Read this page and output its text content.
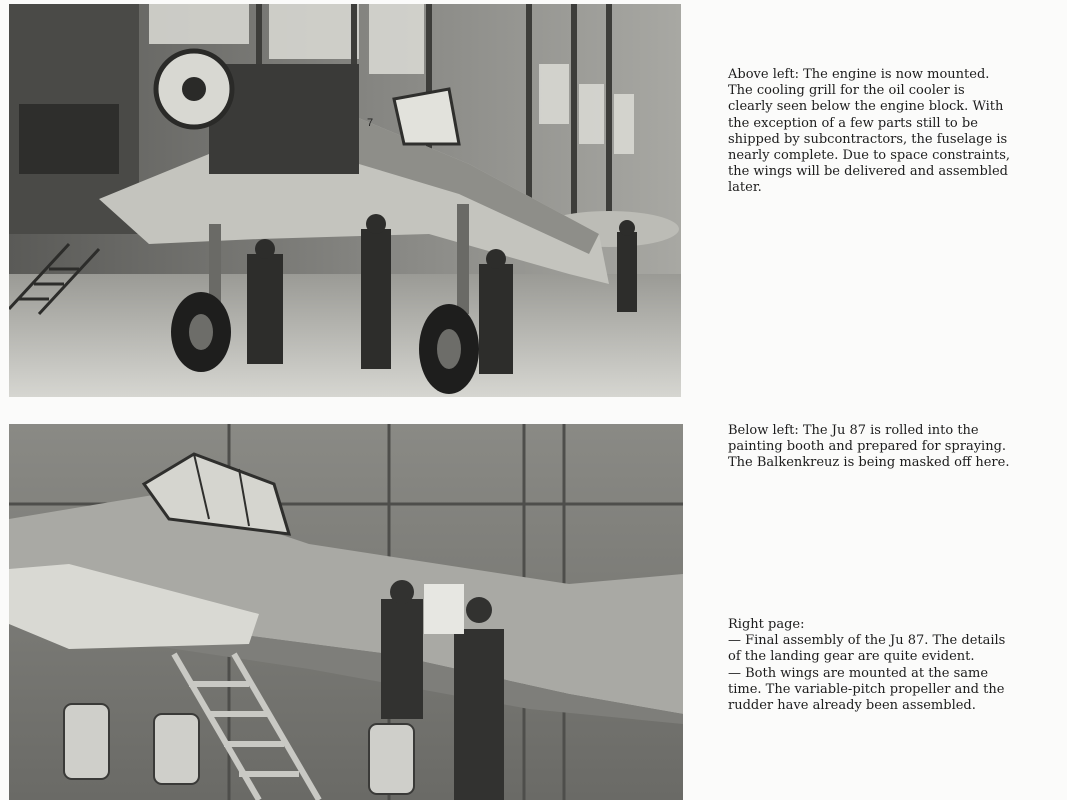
7

Above left: The engine is now mounted. The cooling grill for the oil cooler is clearly seen below the engine block. With the exception of a few parts still to be shipped by subcontractors, the fuselage is nearly complete. Due to space constraints, the wings will be delivered and assembled later.

Below left: The Ju 87 is rolled into the painting booth and prepared for spraying. The Balkenkreuz is being masked off here.

Right page:

— Final assembly of the Ju 87. The details of the landing gear are quite evident.

— Both wings are mounted at the same time. The variable-pitch propeller and the rudder have already been assembled.
